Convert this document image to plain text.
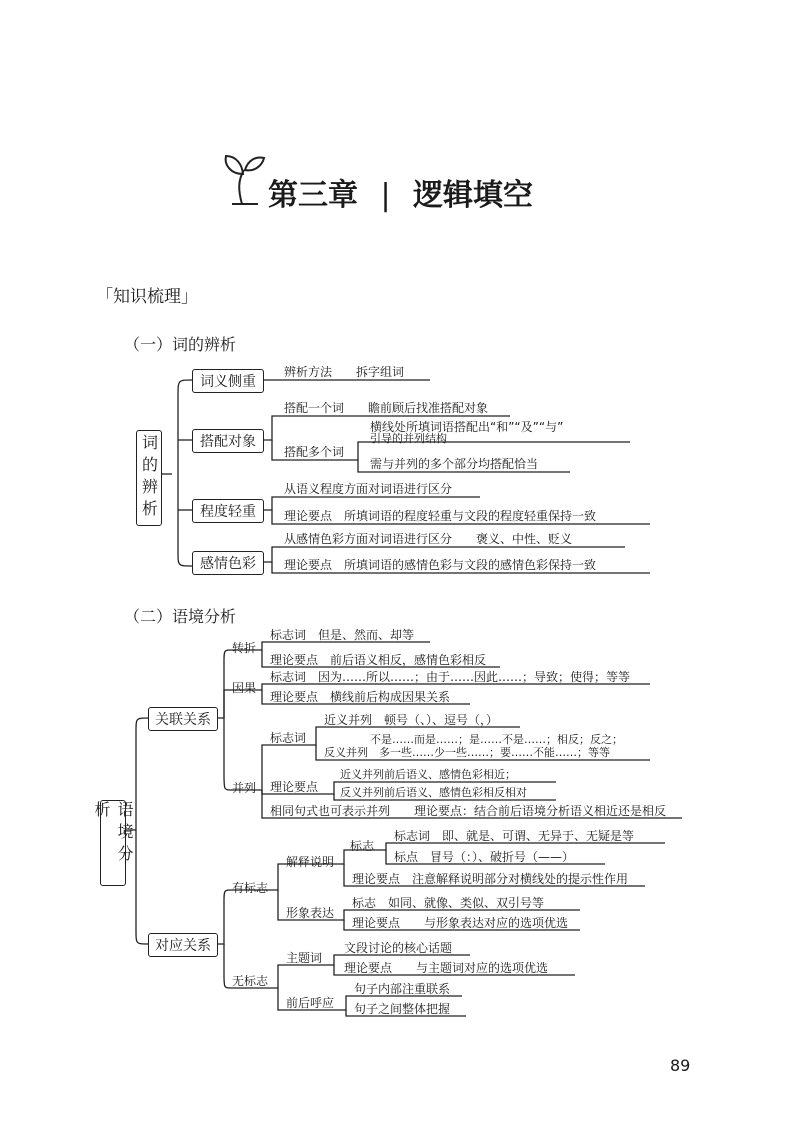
第三章 | 逻辑填空
「知识梳理」
（一）词的辨析
词的辨析
词义侧重
辨析方法　　拆字组词
搭配对象
搭配一个词　　瞻前顾后找准搭配对象
搭配多个词
横线处所填词语搭配出“和”“及”“与”
引导的并列结构
需与并列的多个部分均搭配恰当
程度轻重
从语义程度方面对词语进行区分
理论要点　所填词语的程度轻重与文段的程度轻重保持一致
感情色彩
从感情色彩方面对词语进行区分　　褒义、中性、贬义
理论要点　所填词语的感情色彩与文段的感情色彩保持一致
（二）语境分析
语境分析
关联关系
对应关系
转折
标志词　但是、然而、却等
理论要点　前后语义相反，感情色彩相反
因果
标志词　因为……所以……；由于……因此……；导致；使得；等等
理论要点　横线前后构成因果关系
并列
标志词
近义并列　顿号（、）、逗号（，）
不是……而是……；是……不是……；相反；反之；
反义并列　多一些……少一些……；要……不能……；等等
理论要点
近义并列前后语义、感情色彩相近；
反义并列前后语义、感情色彩相反相对
相同句式也可表示并列　　理论要点：结合前后语境分析语义相近还是相反
有标志
解释说明
标志
标志词　即、就是、可谓、无异于、无疑是等
标点　冒号（：）、破折号（——）
理论要点　注意解释说明部分对横线处的提示性作用
形象表达
标志　如同、就像、类似、双引号等
理论要点　　与形象表达对应的选项优选
无标志
主题词
文段讨论的核心话题
理论要点　　与主题词对应的选项优选
前后呼应
句子内部注重联系
句子之间整体把握
89
